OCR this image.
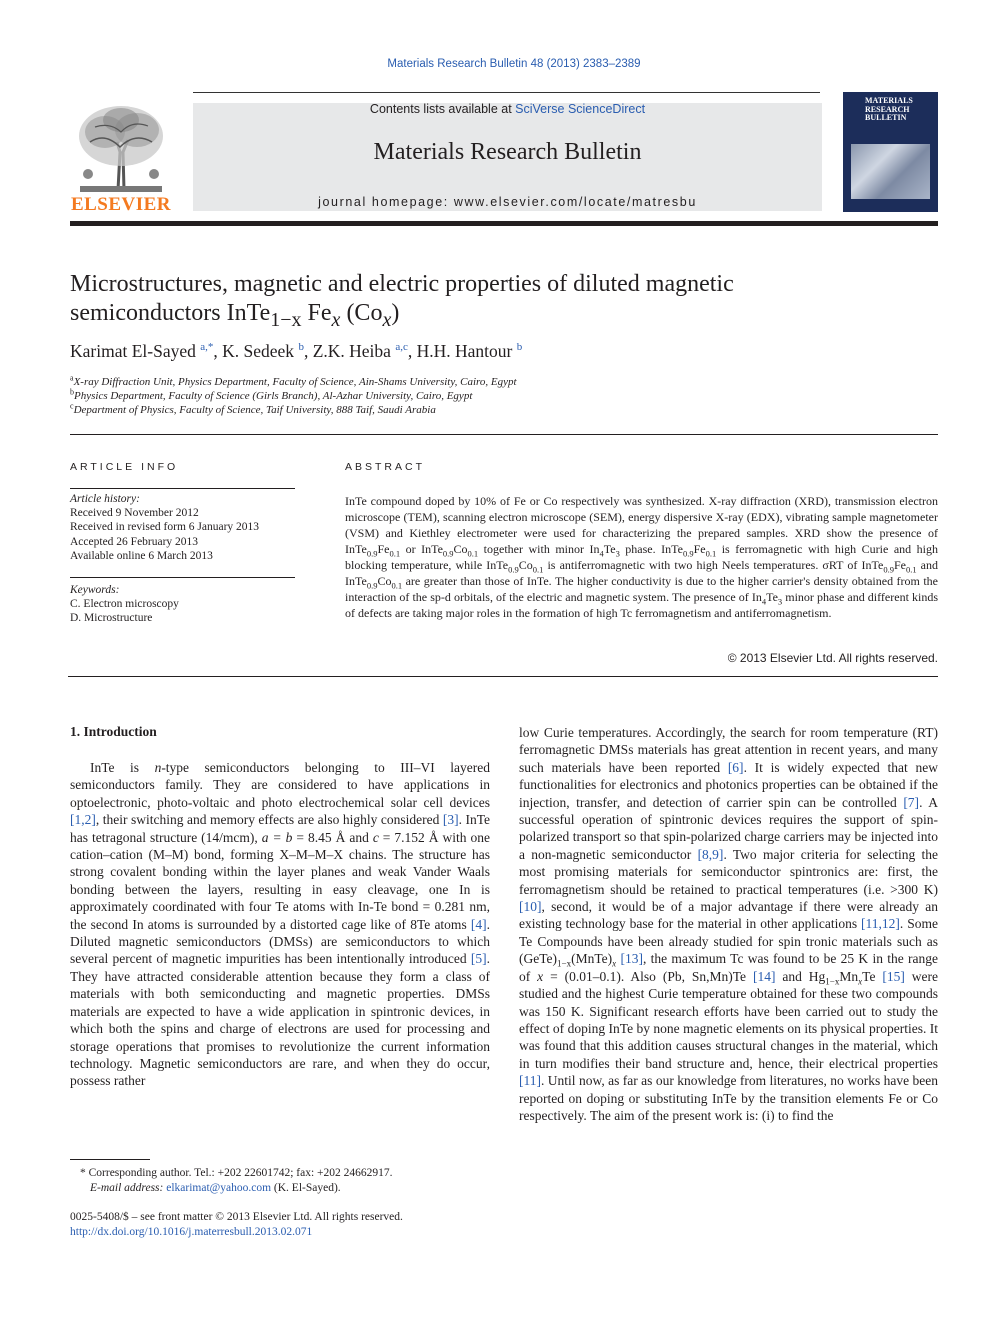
Materials Research Bulletin 48 (2013) 2383–2389
ELSEVIER
Contents lists available at SciVerse ScienceDirect
Materials Research Bulletin
journal homepage: www.elsevier.com/locate/matresbu
MATERIALS RESEARCH BULLETIN
Microstructures, magnetic and electric properties of diluted magnetic
semiconductors InTe$_{1-x}$ $Fe_x$ $(Co_x)$
Karimat El-Sayed $^{a,*}$, K. Sedeek $^b$, Z.K. Heiba $^{a,c}$, H.H. Hantour $^b$
$^a$X-ray Diffraction Unit, Physics Department, Faculty of Science, Ain-Shams University, Cairo, Egypt
$^b$Physics Department, Faculty of Science (Girls Branch), Al-Azhar University, Cairo, Egypt
$^c$Department of Physics, Faculty of Science, Taif University, 888 Taif, Saudi Arabia
ARTICLE INFO
Article history:
Received 9 November 2012
Received in revised form 6 January 2013
Accepted 26 February 2013
Available online 6 March 2013
Keywords:
C. Electron microscopy
D. Microstructure
ABSTRACT
InTe compound doped by 10% of Fe or Co respectively was synthesized. X-ray diffraction (XRD), transmission electron microscope (TEM), scanning electron microscope (SEM), energy dispersive X-ray (EDX), vibrating sample magnetometer (VSM) and Kiethley electrometer were used for characterizing the prepared samples. XRD show the presence of $InTe_{0.9}Fe_{0.1}$ or $InTe_{0.9}Co_{0.1}$ together with minor $In_4Te_3$ phase. $InTe_{0.9}Fe_{0.1}$ is ferromagnetic with high Curie and high blocking temperature, while $InTe_{0.9}Co_{0.1}$ is antiferromagnetic with two high Neels temperatures. σRT of $InTe_{0.9}Fe_{0.1}$ and $InTe_{0.9}Co_{0.1}$ are greater than those of InTe. The higher conductivity is due to the higher carrier's density obtained from the interaction of the sp-d orbitals, of the electric and magnetic system. The presence of $In_4Te_3$ minor phase and different kinds of defects are taking major roles in the formation of high Tc ferromagnetism and antiferromagnetism.
© 2013 Elsevier Ltd. All rights reserved.
1. Introduction
InTe is n-type semiconductors belonging to III–VI layered semiconductors family. They are considered to have applications in optoelectronic, photo-voltaic and photo electrochemical solar cell devices [1,2], their switching and memory effects are also highly considered [3]. InTe has tetragonal structure (14/mcm), a = b = 8.45 Å and c = 7.152 Å with one cation–cation (M–M) bond, forming X–M–M–X chains. The structure has strong covalent bonding within the layer planes and weak Vander Waals bonding between the layers, resulting in easy cleavage, one In is approximately coordinated with four Te atoms with In-Te bond = 0.281 nm, the second In atoms is surrounded by a distorted cage like of 8Te atoms [4]. Diluted magnetic semiconductors (DMSs) are semiconductors to which several percent of magnetic impurities has been intentionally introduced [5]. They have attracted considerable attention because they form a class of materials with both semiconducting and magnetic properties. DMSs materials are expected to have a wide application in spintronic devices, in which both the spins and charge of electrons are used for processing and storage operations that promises to revolutionize the current information technology. Magnetic semiconductors are rare, and when they do occur, possess rather
low Curie temperatures. Accordingly, the search for room temperature (RT) ferromagnetic DMSs materials has great attention in recent years, and many such materials have been reported [6]. It is widely expected that new functionalities for electronics and photonics properties can be obtained if the injection, transfer, and detection of carrier spin can be controlled [7]. A successful operation of spintronic devices requires the support of spin-polarized transport so that spin-polarized charge carriers may be injected into a non-magnetic semiconductor [8,9]. Two major criteria for selecting the most promising materials for semiconductor spintronics are: first, the ferromagnetism should be retained to practical temperatures (i.e. >300 K) [10], second, it would be of a major advantage if there were already an existing technology base for the material in other applications [11,12]. Some Te Compounds have been already studied for spin tronic materials such as $(GeTe)_{1-x}(MnTe)_x$ [13], the maximum Tc was found to be 25 K in the range of x = (0.01–0.1). Also (Pb, Sn,Mn)Te [14] and $Hg_{1-x}Mn_xTe$ [15] were studied and the highest Curie temperature obtained for these two compounds was 150 K. Significant research efforts have been carried out to study the effect of doping InTe by none magnetic elements on its physical properties. It was found that this addition causes structural changes in the material, which in turn modifies their band structure and, hence, their electrical properties [11]. Until now, as far as our knowledge from literatures, no works have been reported on doping or substituting InTe by the transition elements Fe or Co respectively. The aim of the present work is: (i) to find the
* Corresponding author. Tel.: +202 22601742; fax: +202 24662917.
E-mail address: elkarimat@yahoo.com (K. El-Sayed).
0025-5408/$ – see front matter © 2013 Elsevier Ltd. All rights reserved.
http://dx.doi.org/10.1016/j.materresbull.2013.02.071
